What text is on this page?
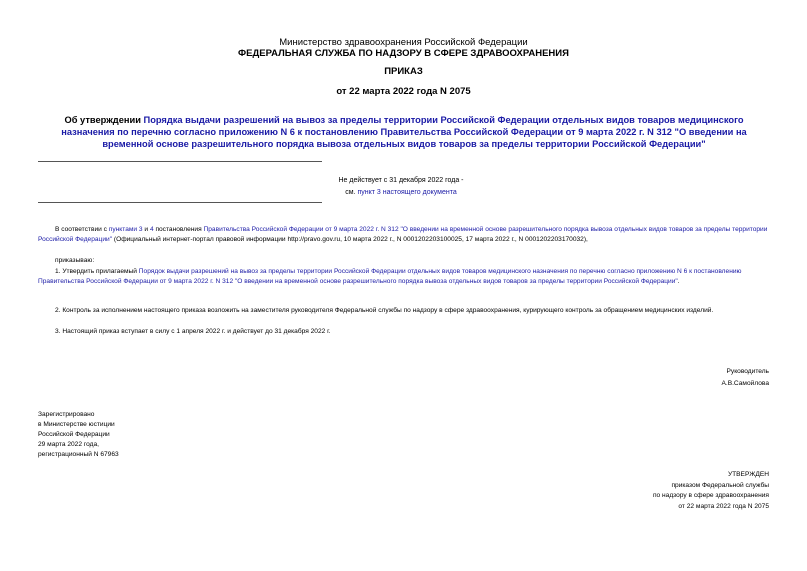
Министерство здравоохранения Российской Федерации
ФЕДЕРАЛЬНАЯ СЛУЖБА ПО НАДЗОРУ В СФЕРЕ ЗДРАВООХРАНЕНИЯ
ПРИКАЗ
от 22 марта 2022 года N 2075
Об утверждении Порядка выдачи разрешений на вывоз за пределы территории Российской Федерации отдельных видов товаров медицинского назначения по перечню согласно приложению N 6 к постановлению Правительства Российской Федерации от 9 марта 2022 г. N 312 "О введении на временной основе разрешительного порядка вывоза отдельных видов товаров за пределы территории Российской Федерации"
Не действует с 31 декабря 2022 года -
см. пункт 3 настоящего документа
В соответствии с пунктами 3 и 4 постановления Правительства Российской Федерации от 9 марта 2022 г. N 312 "О введении на временной основе разрешительного порядка вывоза отдельных видов товаров за пределы территории Российской Федерации" (Официальный интернет-портал правовой информации http://pravo.gov.ru, 10 марта 2022 г., N 0001202203100025, 17 марта 2022 г., N 0001202203170032),
приказываю:
1. Утвердить прилагаемый Порядок выдачи разрешений на вывоз за пределы территории Российской Федерации отдельных видов товаров медицинского назначения по перечню согласно приложению N 6 к постановлению Правительства Российской Федерации от 9 марта 2022 г. N 312 "О введении на временной основе разрешительного порядка вывоза отдельных видов товаров за пределы территории Российской Федерации".
2. Контроль за исполнением настоящего приказа возложить на заместителя руководителя Федеральной службы по надзору в сфере здравоохранения, курирующего контроль за обращением медицинских изделий.
3. Настоящий приказ вступает в силу с 1 апреля 2022 г. и действует до 31 декабря 2022 г.
Руководитель
А.В.Самойлова
Зарегистрировано
в Министерстве юстиции
Российской Федерации
29 марта 2022 года,
регистрационный N 67963
УТВЕРЖДЕН
приказом Федеральной службы
по надзору в сфере здравоохранения
от 22 марта 2022 года N 2075
